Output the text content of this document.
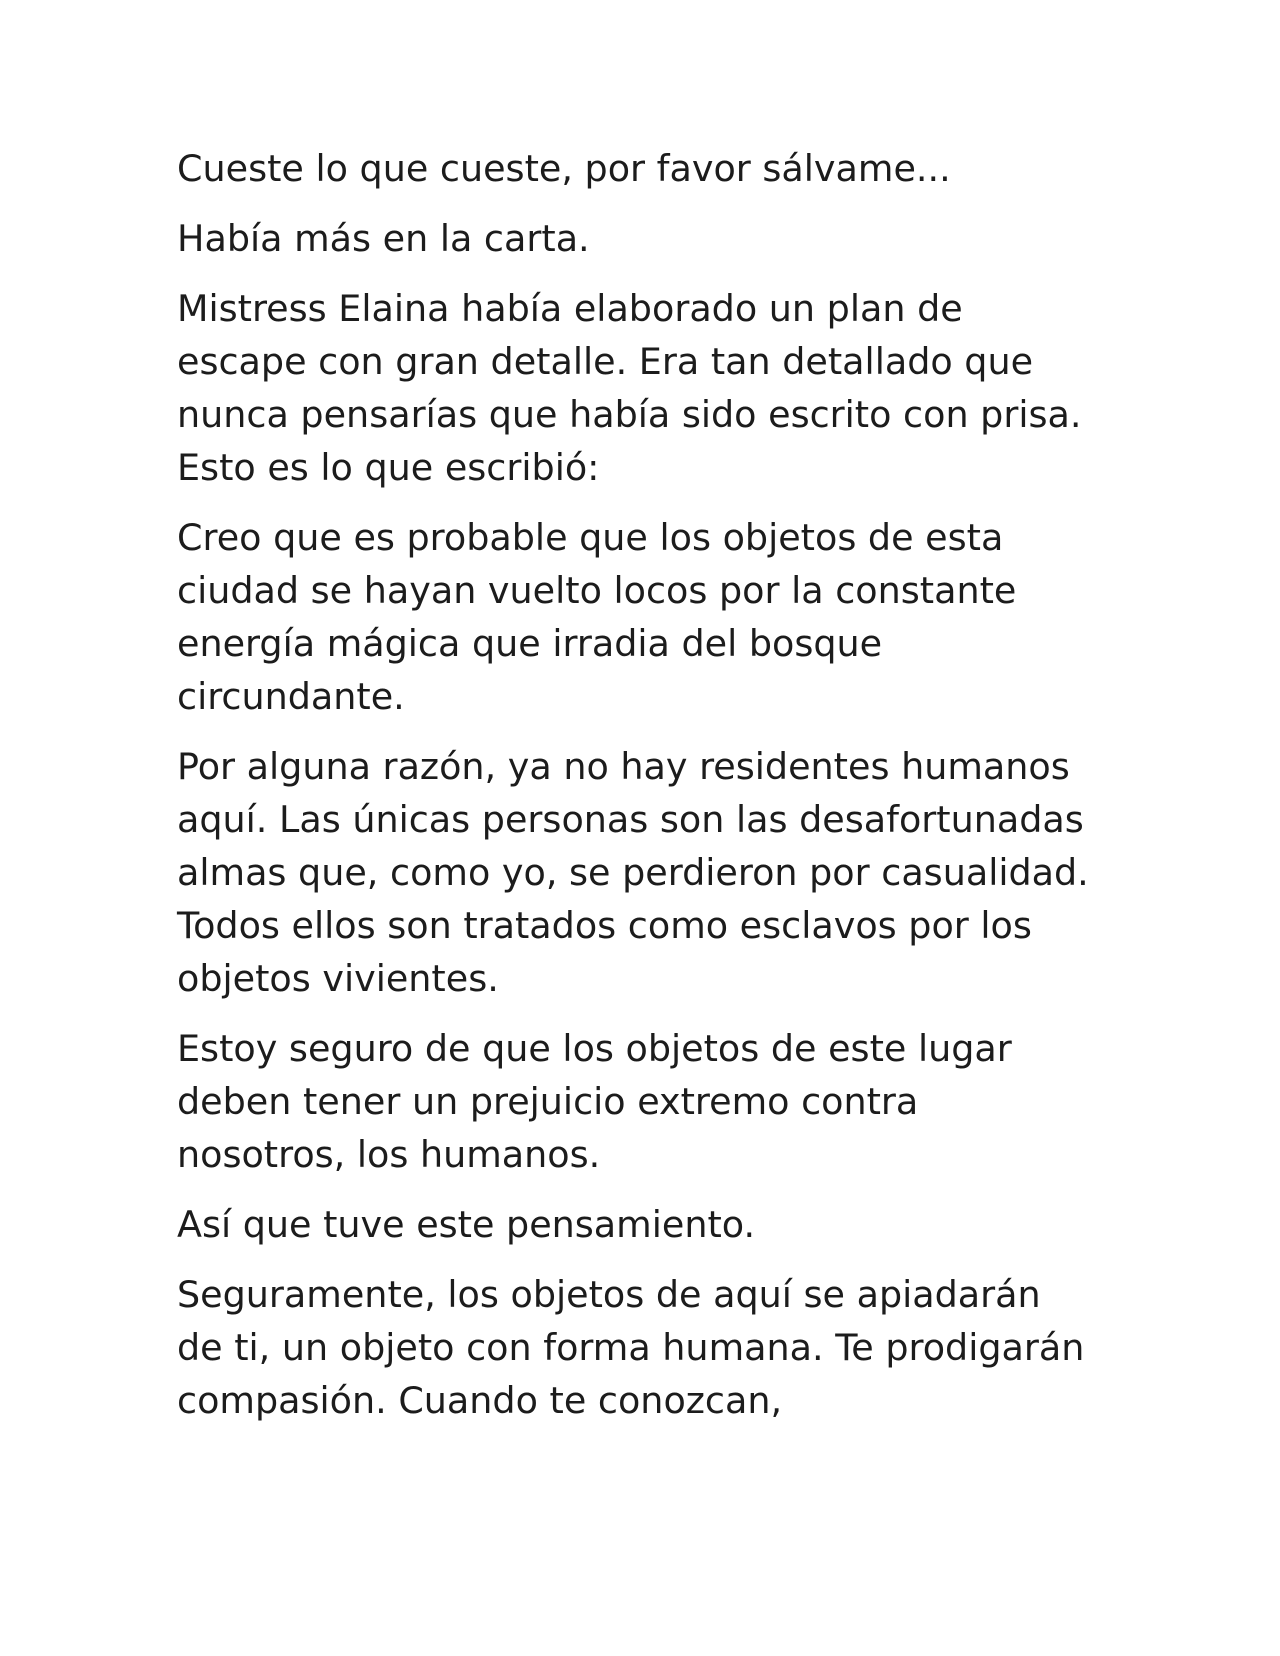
Cueste lo que cueste, por favor sálvame...

Había más en la carta.

Mistress Elaina había elaborado un plan de escape con gran detalle. Era tan detallado que nunca pensarías que había sido escrito con prisa. Esto es lo que escribió:

Creo que es probable que los objetos de esta ciudad se hayan vuelto locos por la constante energía mágica que irradia del bosque circundante.

Por alguna razón, ya no hay residentes humanos aquí. Las únicas personas son las desafortunadas almas que, como yo, se perdieron por casualidad. Todos ellos son tratados como esclavos por los objetos vivientes.

Estoy seguro de que los objetos de este lugar deben tener un prejuicio extremo contra nosotros, los humanos.

Así que tuve este pensamiento.

Seguramente, los objetos de aquí se apiadarán de ti, un objeto con forma humana. Te prodigarán compasión. Cuando te conozcan,
